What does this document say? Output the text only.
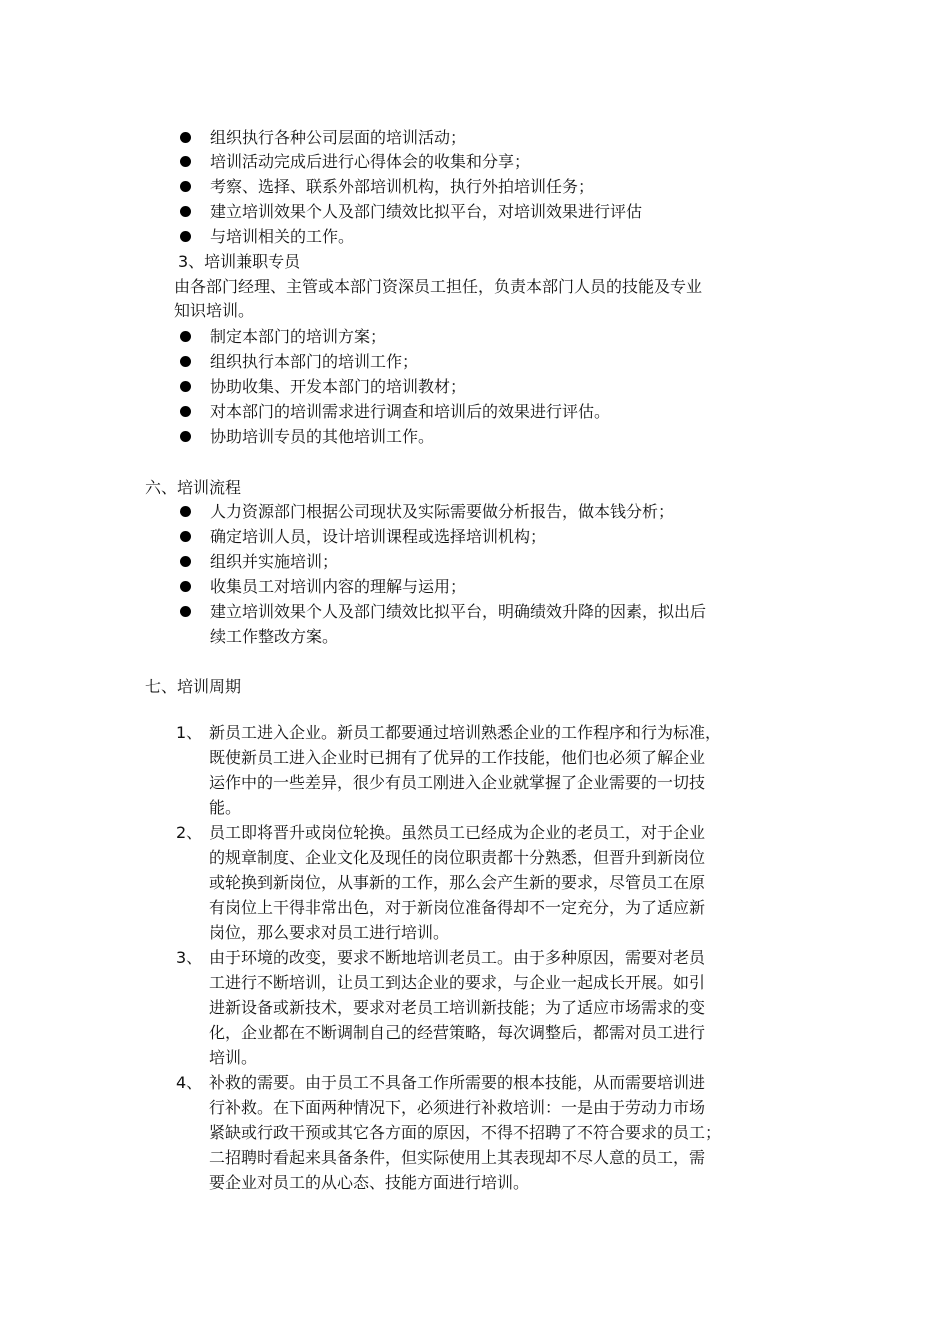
组织执行各种公司层面的培训活动；
培训活动完成后进行心得体会的收集和分享；
考察、选择、联系外部培训机构，执行外拍培训任务；
建立培训效果个人及部门绩效比拟平台，对培训效果进行评估
与培训相关的工作。
3、培训兼职专员
由各部门经理、主管或本部门资深员工担任，负责本部门人员的技能及专业
知识培训。
制定本部门的培训方案；
组织执行本部门的培训工作；
协助收集、开发本部门的培训教材；
对本部门的培训需求进行调查和培训后的效果进行评估。
协助培训专员的其他培训工作。
六、培训流程
人力资源部门根据公司现状及实际需要做分析报告，做本钱分析；
确定培训人员，设计培训课程或选择培训机构；
组织并实施培训；
收集员工对培训内容的理解与运用；
建立培训效果个人及部门绩效比拟平台，明确绩效升降的因素，拟出后
续工作整改方案。
七、培训周期
1、 新员工进入企业。新员工都要通过培训熟悉企业的工作程序和行为标准，
既使新员工进入企业时已拥有了优异的工作技能，他们也必须了解企业
运作中的一些差异，很少有员工刚进入企业就掌握了企业需要的一切技
能。
2、 员工即将晋升或岗位轮换。虽然员工已经成为企业的老员工，对于企业
的规章制度、企业文化及现任的岗位职责都十分熟悉，但晋升到新岗位
或轮换到新岗位，从事新的工作，那么会产生新的要求，尽管员工在原
有岗位上干得非常出色，对于新岗位准备得却不一定充分，为了适应新
岗位，那么要求对员工进行培训。
3、 由于环境的改变，要求不断地培训老员工。由于多种原因，需要对老员
工进行不断培训，让员工到达企业的要求，与企业一起成长开展。如引
进新设备或新技术，要求对老员工培训新技能；为了适应市场需求的变
化，企业都在不断调制自己的经营策略，每次调整后，都需对员工进行
培训。
4、 补救的需要。由于员工不具备工作所需要的根本技能，从而需要培训进
行补救。在下面两种情况下，必须进行补救培训：一是由于劳动力市场
紧缺或行政干预或其它各方面的原因，不得不招聘了不符合要求的员工；
二招聘时看起来具备条件，但实际使用上其表现却不尽人意的员工，需
要企业对员工的从心态、技能方面进行培训。
